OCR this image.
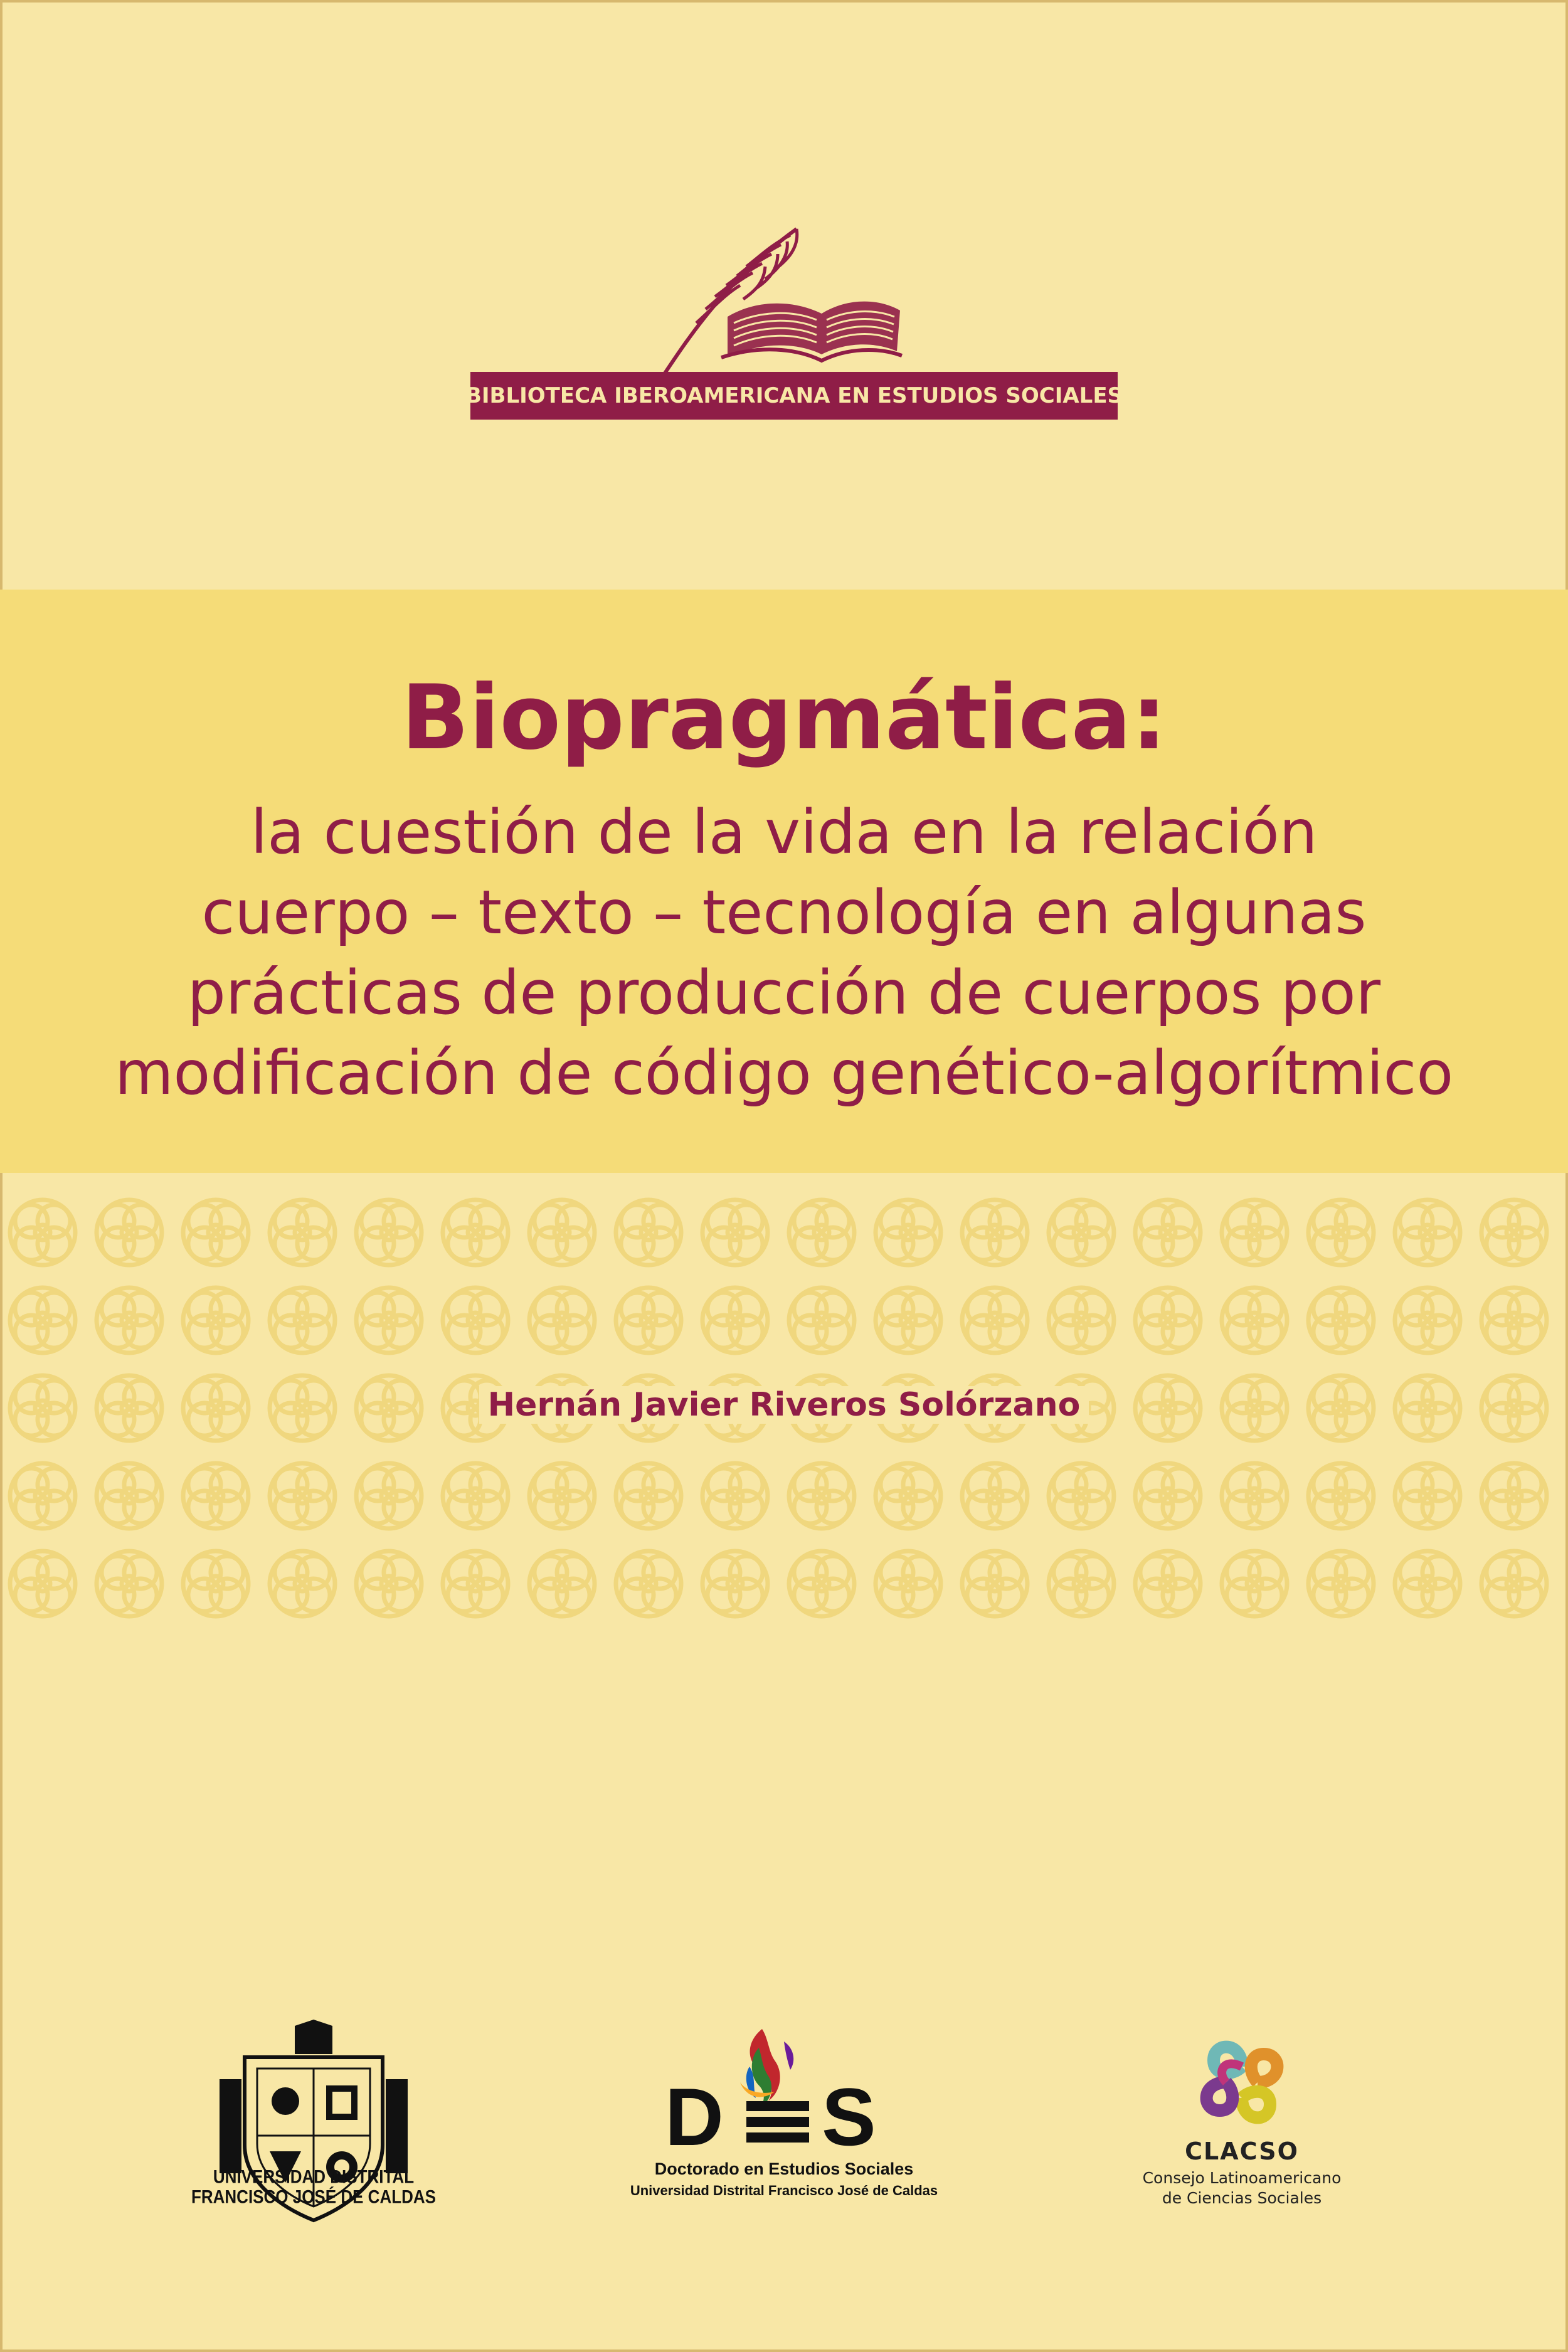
BIBLIOTECA IBEROAMERICANA EN ESTUDIOS SOCIALES
Biopragmática:
la cuestión de la vida en la relación
cuerpo – texto – tecnología en algunas
prácticas de producción de cuerpos por
modificación de código genético-algorítmico
Hernán Javier Riveros Solórzano
UNIVERSIDAD DISTRITAL
FRANCISCO JOSÉ DE CALDAS
D S
Doctorado en Estudios Sociales
Universidad Distrital Francisco José de Caldas
CLACSO
Consejo Latinoamericano
de Ciencias Sociales
